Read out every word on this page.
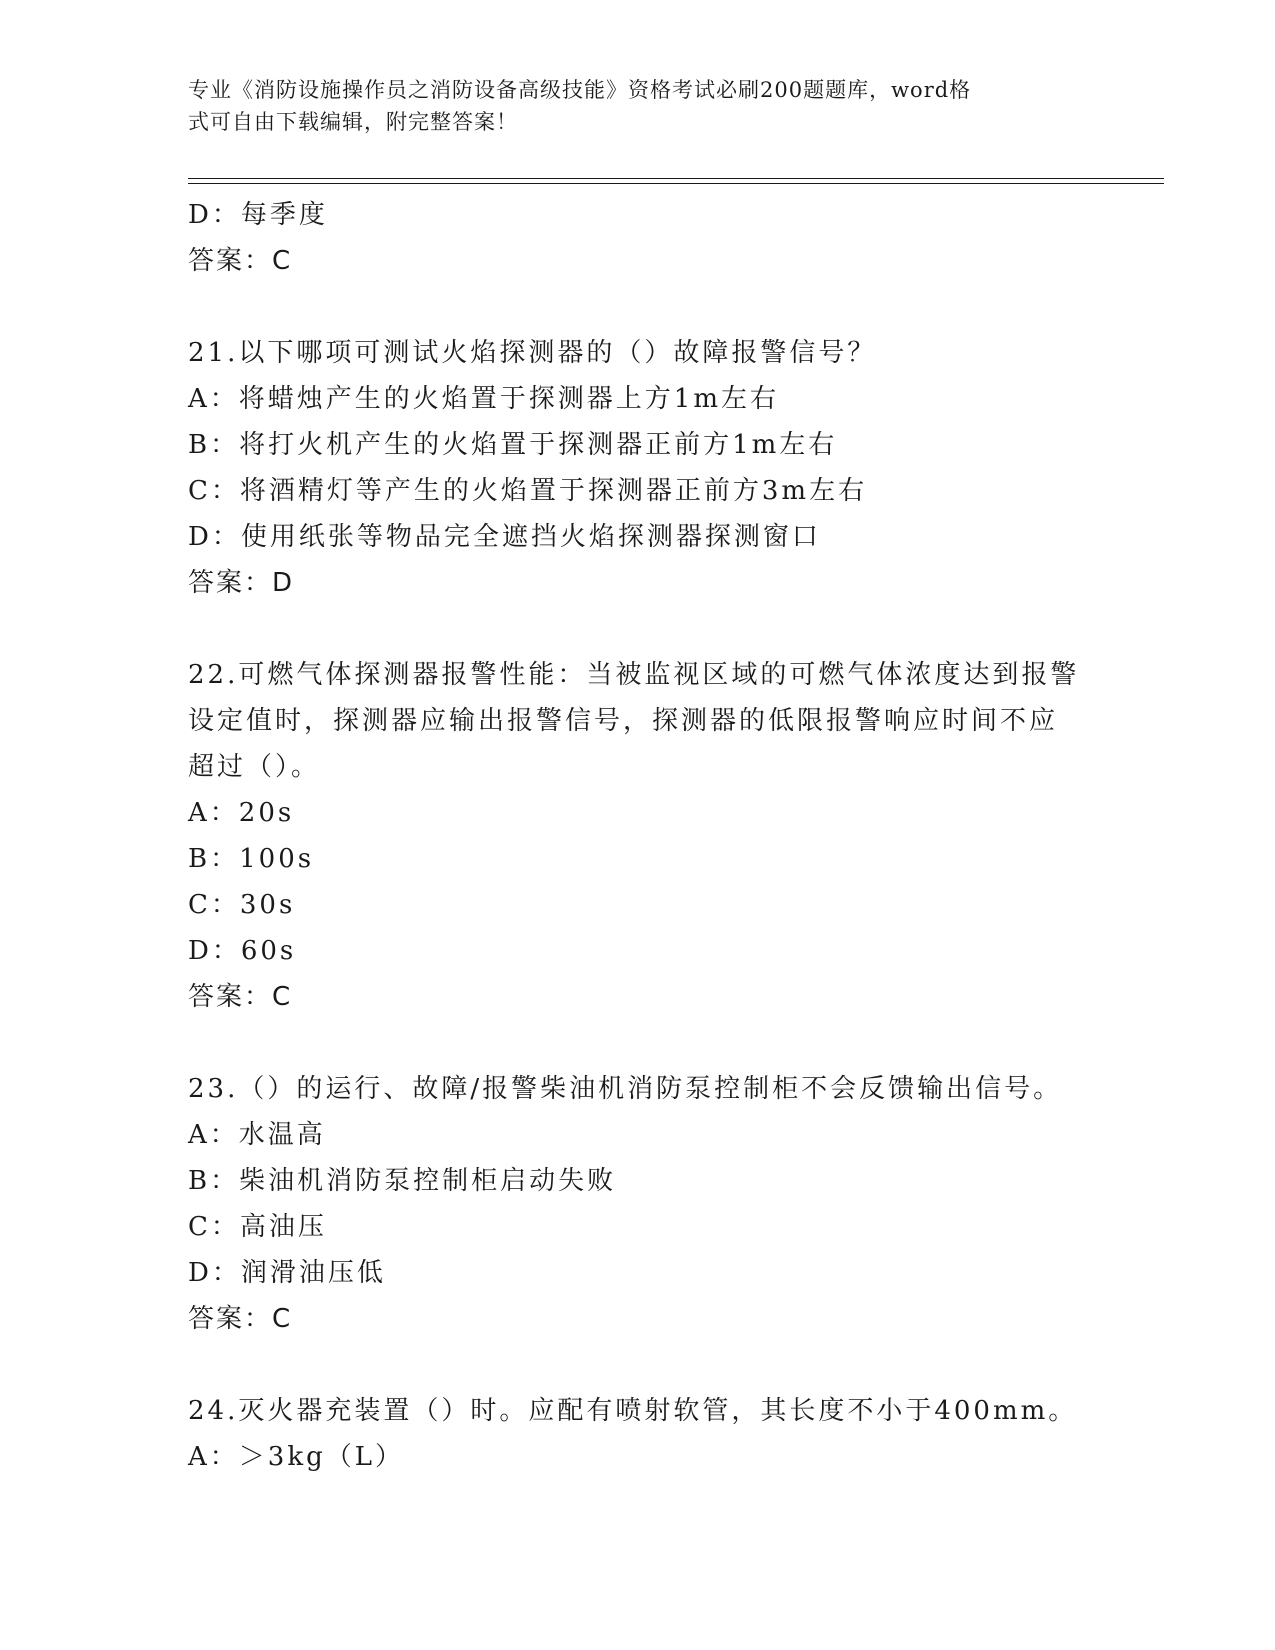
专业《消防设施操作员之消防设备高级技能》资格考试必刷200题题库，word格
式可自由下载编辑，附完整答案！
D：每季度
答案：C
21.以下哪项可测试火焰探测器的（）故障报警信号？
A：将蜡烛产生的火焰置于探测器上方1m左右
B：将打火机产生的火焰置于探测器正前方1m左右
C：将酒精灯等产生的火焰置于探测器正前方3m左右
D：使用纸张等物品完全遮挡火焰探测器探测窗口
答案：D
22.可燃气体探测器报警性能：当被监视区域的可燃气体浓度达到报警
设定值时，探测器应输出报警信号，探测器的低限报警响应时间不应
超过（）。
A：20s
B：100s
C：30s
D：60s
答案：C
23.（）的运行、故障/报警柴油机消防泵控制柜不会反馈输出信号。
A：水温高
B：柴油机消防泵控制柜启动失败
C：高油压
D：润滑油压低
答案：C
24.灭火器充装置（）时。应配有喷射软管，其长度不小于400mm。
A：＞3kg（L）
